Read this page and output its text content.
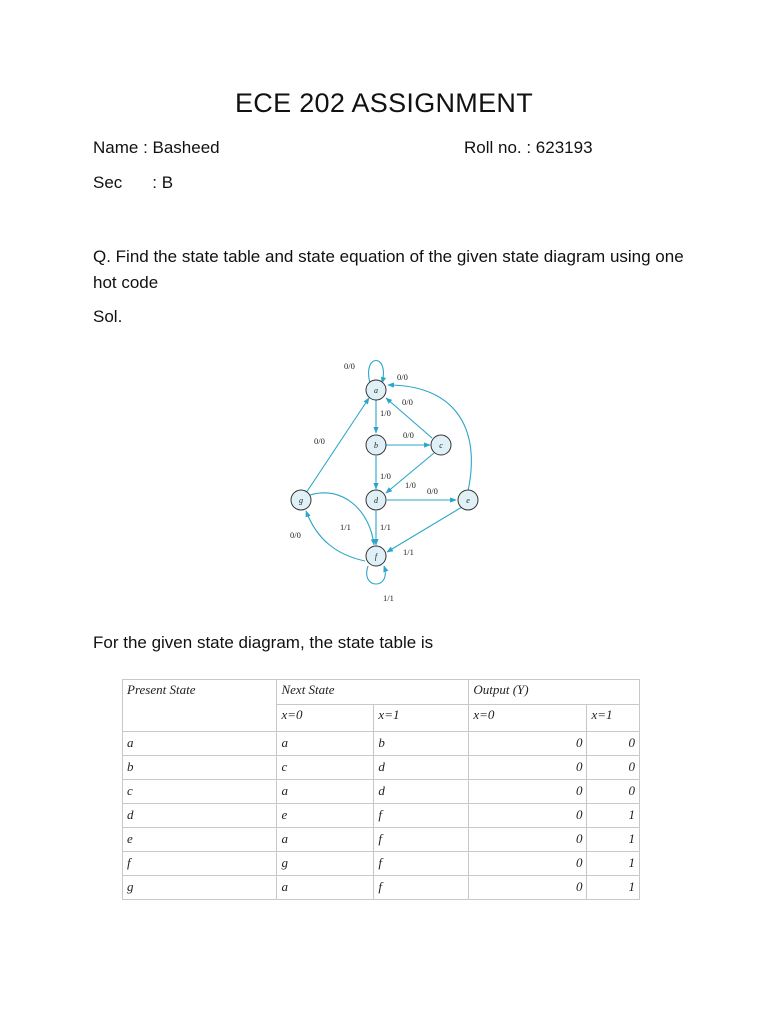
ECE 202 ASSIGNMENT
Name : Basheed	Roll no. : 623193
Sec : B
Q. Find the state table and state equation of the given state diagram using one hot code
Sol.
0/0
0/0
0/0
1/0
0/0
0/0
1/0
1/0
0/0
0/0
1/1	1/1
1/1
1/1
a
b	c
d	e
f
g
For the given state diagram, the state table is
Present State	Next State		Output (Y)	
	x=0	x=1	x=0	x=1
a	a	b	0	0
b	c	d	0	0
c	a	d	0	0
d	e	f	0	1
e	a	f	0	1
f	g	f	0	1
g	a	f	0	1
